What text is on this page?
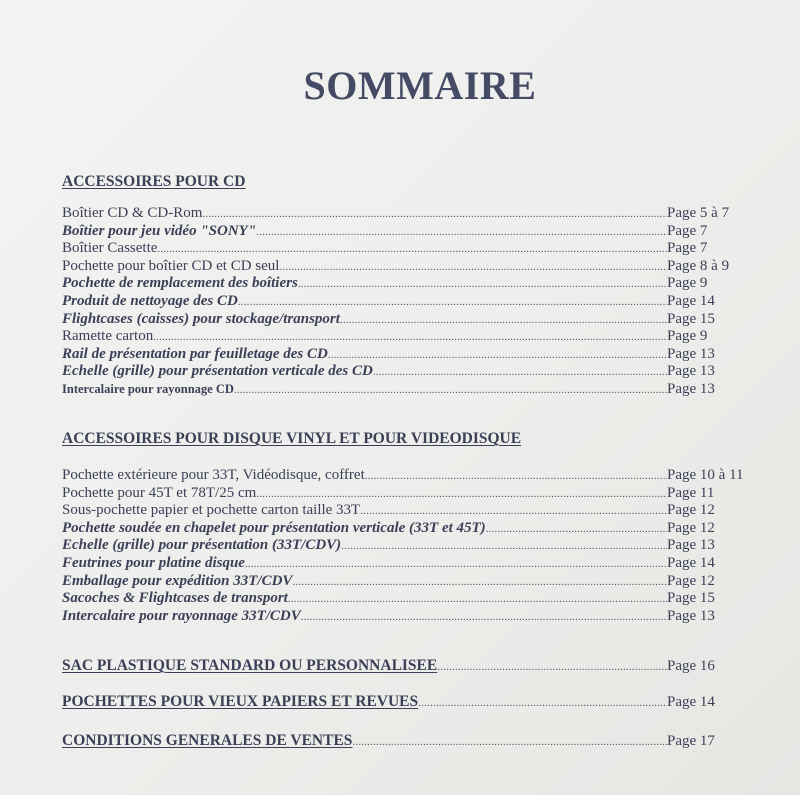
SOMMAIRE
ACCESSOIRES POUR CD
Boîtier CD & CD-Rom .....	Page 5 à 7
Boîtier pour jeu vidéo "SONY" .....	Page 7
Boîtier Cassette .....	Page 7
Pochette pour boîtier CD et CD seul .....	Page 8 à 9
Pochette de remplacement des boîtiers .....	Page 9
Produit de nettoyage des CD .....	Page 14
Flightcases (caisses) pour stockage/transport .....	Page 15
Ramette carton .....	Page 9
Rail de présentation par feuilletage des CD .....	Page 13
Echelle (grille) pour présentation verticale des CD .....	Page 13
Intercalaire pour rayonnage CD .....	Page 13
ACCESSOIRES POUR DISQUE VINYL ET POUR VIDEODISQUE
Pochette extérieure pour 33T, Vidéodisque, coffret .....	Page 10 à 11
Pochette pour 45T et 78T/25 cm .....	Page 11
Sous-pochette papier et pochette carton taille 33T .....	Page 12
Pochette soudée en chapelet pour présentation verticale (33T et 45T) .....	Page 12
Echelle (grille) pour présentation (33T/CDV) .....	Page 13
Feutrines pour platine disque .....	Page 14
Emballage pour expédition 33T/CDV .....	Page 12
Sacoches & Flightcases de transport .....	Page 15
Intercalaire pour rayonnage 33T/CDV .....	Page 13
SAC PLASTIQUE STANDARD OU PERSONNALISEE .....	Page 16
POCHETTES POUR VIEUX PAPIERS ET REVUES .....	Page 14
CONDITIONS GENERALES DE VENTES .....	Page 17
